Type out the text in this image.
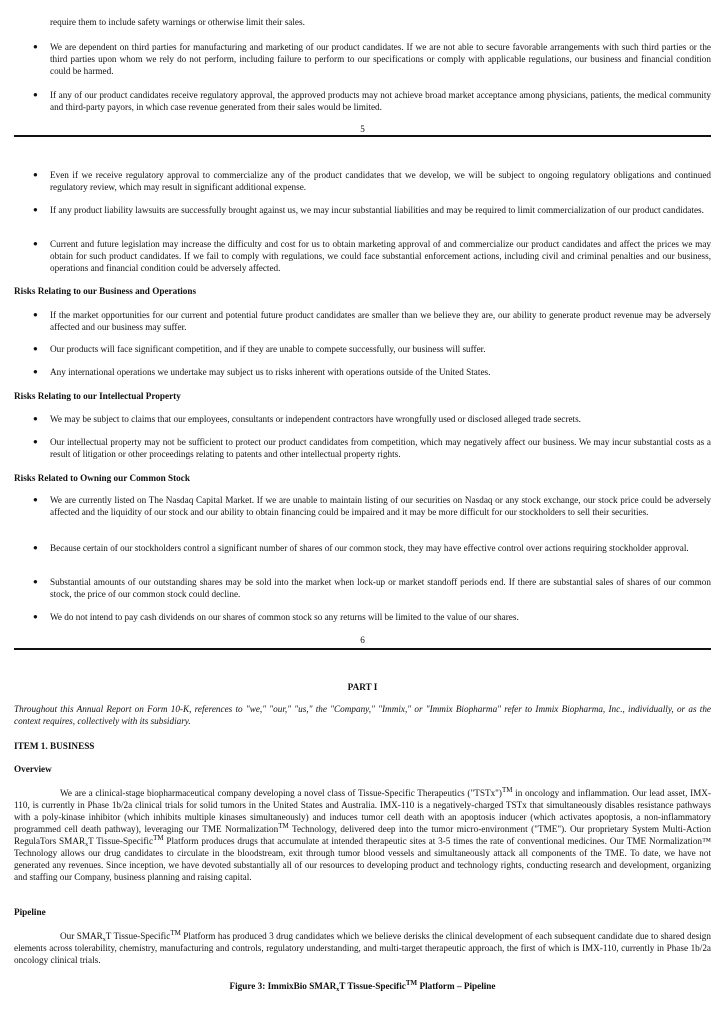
require them to include safety warnings or otherwise limit their sales.

● We are dependent on third parties for manufacturing and marketing of our product candidates. If we are not able to secure favorable arrangements with such third parties or the third parties upon whom we rely do not perform, including failure to perform to our specifications or comply with applicable regulations, our business and financial condition could be harmed.

● If any of our product candidates receive regulatory approval, the approved products may not achieve broad market acceptance among physicians, patients, the medical community and third-party payors, in which case revenue generated from their sales would be limited.

5

● Even if we receive regulatory approval to commercialize any of the product candidates that we develop, we will be subject to ongoing regulatory obligations and continued regulatory review, which may result in significant additional expense.

● If any product liability lawsuits are successfully brought against us, we may incur substantial liabilities and may be required to limit commercialization of our product candidates.

● Current and future legislation may increase the difficulty and cost for us to obtain marketing approval of and commercialize our product candidates and affect the prices we may obtain for such product candidates. If we fail to comply with regulations, we could face substantial enforcement actions, including civil and criminal penalties and our business, operations and financial condition could be adversely affected.

Risks Relating to our Business and Operations

● If the market opportunities for our current and potential future product candidates are smaller than we believe they are, our ability to generate product revenue may be adversely affected and our business may suffer.

● Our products will face significant competition, and if they are unable to compete successfully, our business will suffer.

● Any international operations we undertake may subject us to risks inherent with operations outside of the United States.

Risks Relating to our Intellectual Property

● We may be subject to claims that our employees, consultants or independent contractors have wrongfully used or disclosed alleged trade secrets.

● Our intellectual property may not be sufficient to protect our product candidates from competition, which may negatively affect our business. We may incur substantial costs as a result of litigation or other proceedings relating to patents and other intellectual property rights.

Risks Related to Owning our Common Stock

● We are currently listed on The Nasdaq Capital Market. If we are unable to maintain listing of our securities on Nasdaq or any stock exchange, our stock price could be adversely affected and the liquidity of our stock and our ability to obtain financing could be impaired and it may be more difficult for our stockholders to sell their securities.

● Because certain of our stockholders control a significant number of shares of our common stock, they may have effective control over actions requiring stockholder approval.

● Substantial amounts of our outstanding shares may be sold into the market when lock-up or market standoff periods end. If there are substantial sales of shares of our common stock, the price of our common stock could decline.

● We do not intend to pay cash dividends on our shares of common stock so any returns will be limited to the value of our shares.

6

PART I

Throughout this Annual Report on Form 10-K, references to "we," "our," "us," the "Company," "Immix," or "Immix Biopharma" refer to Immix Biopharma, Inc., individually, or as the context requires, collectively with its subsidiary.

ITEM 1. BUSINESS

Overview

We are a clinical-stage biopharmaceutical company developing a novel class of Tissue-Specific Therapeutics ("TSTx")™ in oncology and inflammation. Our lead asset, IMX-110, is currently in Phase 1b/2a clinical trials for solid tumors in the United States and Australia. IMX-110 is a negatively-charged TSTx that simultaneously disables resistance pathways with a poly-kinase inhibitor (which inhibits multiple kinases simultaneously) and induces tumor cell death with an apoptosis inducer (which activates apoptosis, a non-inflammatory programmed cell death pathway), leveraging our TME Normalization™ Technology, delivered deep into the tumor micro-environment ("TME"). Our proprietary System Multi-Action RegulaTors $SMAR_xT$ Tissue-Specific™ Platform produces drugs that accumulate at intended therapeutic sites at 3-5 times the rate of conventional medicines. Our TME Normalization™ Technology allows our drug candidates to circulate in the bloodstream, exit through tumor blood vessels and simultaneously attack all components of the TME. To date, we have not generated any revenues. Since inception, we have devoted substantially all of our resources to developing product and technology rights, conducting research and development, organizing and staffing our Company, business planning and raising capital.

Pipeline

Our $SMAR_xT$ Tissue-Specific™ Platform has produced 3 drug candidates which we believe derisks the clinical development of each subsequent candidate due to shared design elements across tolerability, chemistry, manufacturing and controls, regulatory understanding, and multi-target therapeutic approach, the first of which is IMX-110, currently in Phase 1b/2a oncology clinical trials.

Figure 3: ImmixBio $SMAR_xT$ Tissue-Specific™ Platform – Pipeline
